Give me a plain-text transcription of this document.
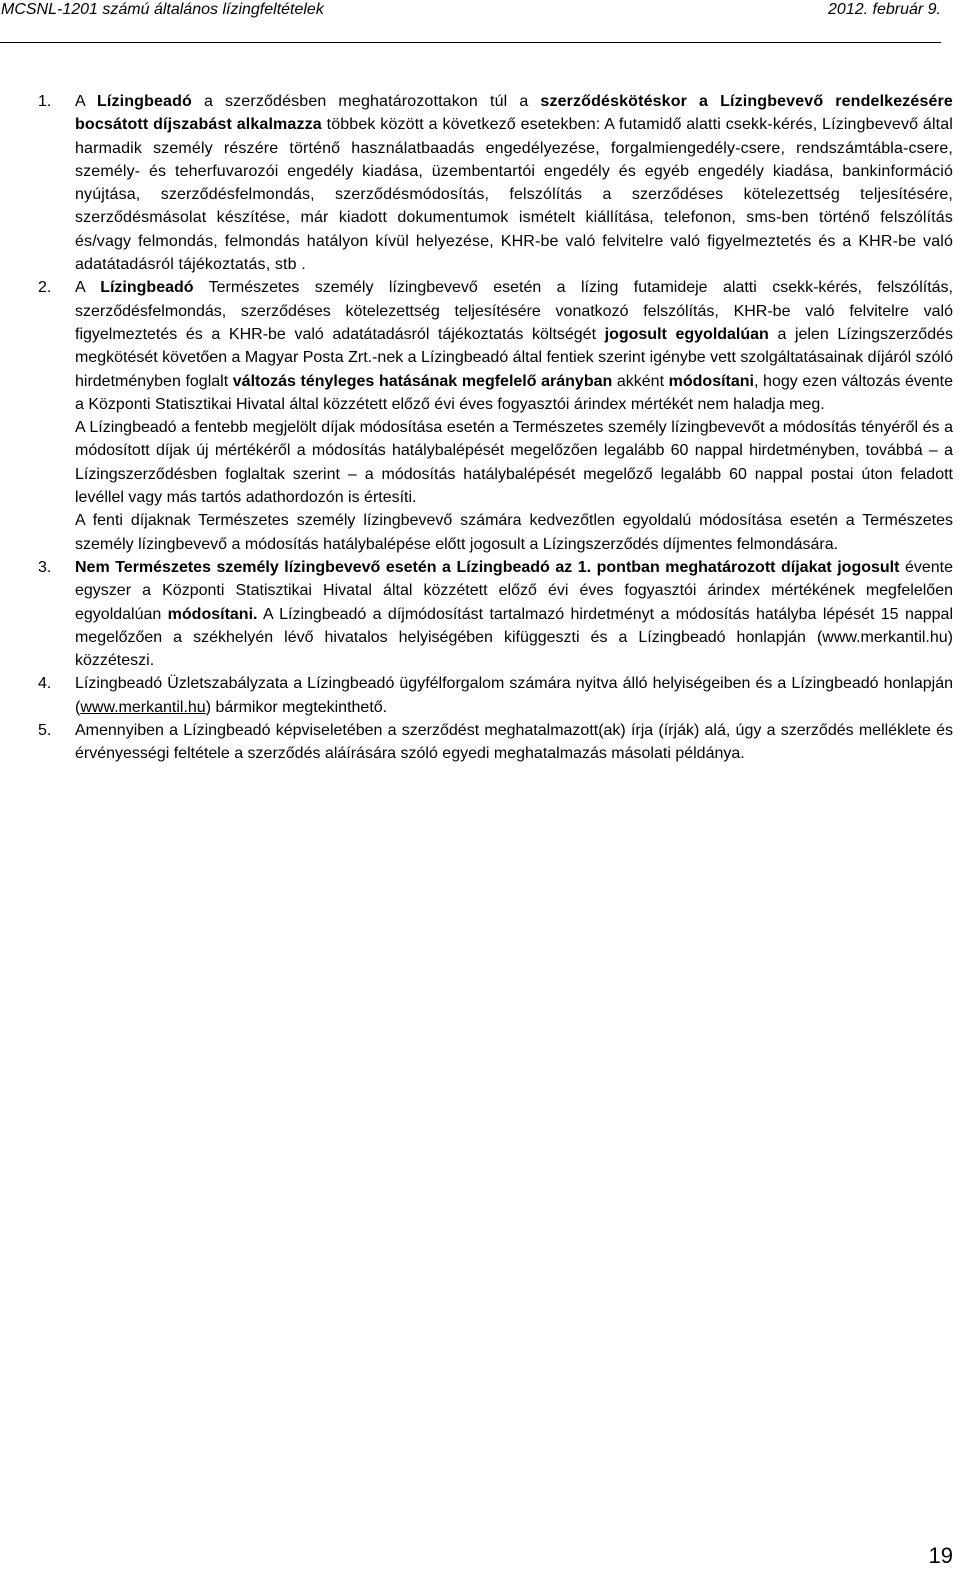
MCSNL-1201 számú általános lízingfeltételek	2012. február 9.
1. A Lízingbeadó a szerződésben meghatározottakon túl a szerződéskötéskor a Lízingbevevő rendelkezésére bocsátott díjszabást alkalmazza többek között a következő esetekben: A futamidő alatti csekk-kérés, Lízingbevevő által harmadik személy részére történő használatbaadás engedélyezése, forgalmiengedély-csere, rendszámtábla-csere, személy- és teherfuvarozói engedély kiadása, üzembentartói engedély és egyéb engedély kiadása, bankinformáció nyújtása, szerződésfelmondás, szerződésmódosítás, felszólítás a szerződéses kötelezettség teljesítésére, szerződésmásolat készítése, már kiadott dokumentumok ismételt kiállítása, telefonon, sms-ben történő felszólítás és/vagy felmondás, felmondás hatályon kívül helyezése, KHR-be való felvitelre való figyelmeztetés és a KHR-be való adatátadásról tájékoztatás, stb .

2. A Lízingbeadó Természetes személy lízingbevevő esetén a lízing futamideje alatti csekk-kérés, felszólítás, szerződésfelmondás, szerződéses kötelezettség teljesítésére vonatkozó felszólítás, KHR-be való felvitelre való figyelmeztetés és a KHR-be való adatátadásról tájékoztatás költségét jogosult egyoldalúan a jelen Lízingszerződés megkötését követően a Magyar Posta Zrt.-nek a Lízingbeadó által fentiek szerint igénybe vett szolgáltatásainak díjáról szóló hirdetményben foglalt változás tényleges hatásának megfelelő arányban akként módosítani, hogy ezen változás évente a Központi Statisztikai Hivatal által közzétett előző évi éves fogyasztói árindex mértékét nem haladja meg.

A Lízingbeadó a fentebb megjelölt díjak módosítása esetén a Természetes személy lízingbevevőt a módosítás tényéről és a módosított díjak új mértékéről a módosítás hatálybalépését megelőzően legalább 60 nappal hirdetményben, továbbá – a Lízingszerződésben foglaltak szerint – a módosítás hatálybalépését megelőző legalább 60 nappal postai úton feladott levéllel vagy más tartós adathordozón is értesíti.

A fenti díjaknak Természetes személy lízingbevevő számára kedvezőtlen egyoldalú módosítása esetén a Természetes személy lízingbevevő a módosítás hatálybalépése előtt jogosult a Lízingszerződés díjmentes felmondására.

3. Nem Természetes személy lízingbevevő esetén a Lízingbeadó az 1. pontban meghatározott díjakat jogosult évente egyszer a Központi Statisztikai Hivatal által közzétett előző évi éves fogyasztói árindex mértékének megfelelően egyoldalúan módosítani. A Lízingbeadó a díjmódosítást tartalmazó hirdetményt a módosítás hatályba lépését 15 nappal megelőzően a székhelyén lévő hivatalos helyiségében kifüggeszti és a Lízingbeadó honlapján (www.merkantil.hu) közzéteszi.

4. Lízingbeadó Üzletszabályzata a Lízingbeadó ügyfélforgalom számára nyitva álló helyiségeiben és a Lízingbeadó honlapján (www.merkantil.hu) bármikor megtekinthető.

5. Amennyiben a Lízingbeadó képviseletében a szerződést meghatalmazott(ak) írja (írják) alá, úgy a szerződés melléklete és érvényességi feltétele a szerződés aláírására szóló egyedi meghatalmazás másolati példánya.

19
